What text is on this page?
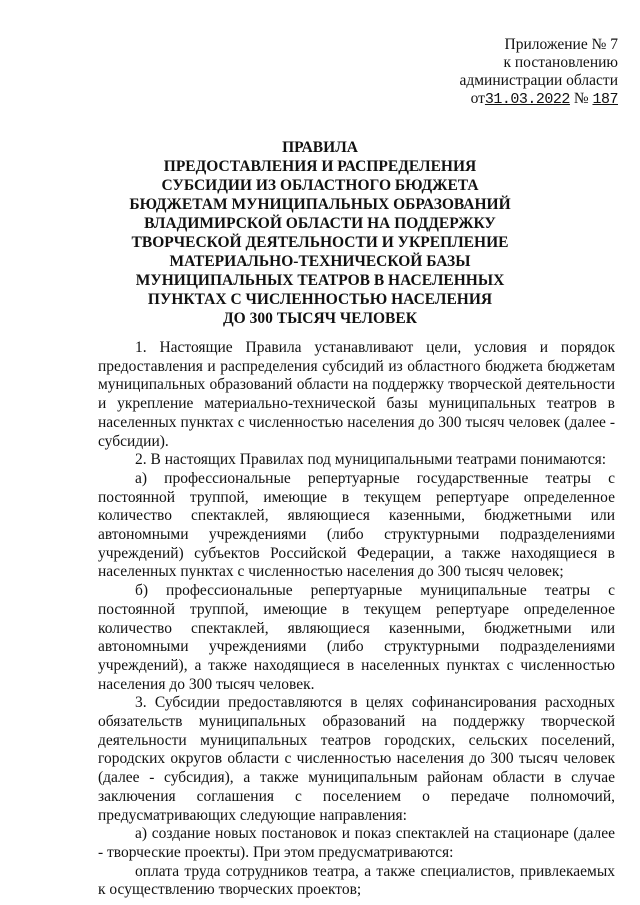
Приложение № 7
к постановлению
администрации области
от31.03.2022 № 187
ПРАВИЛА
ПРЕДОСТАВЛЕНИЯ И РАСПРЕДЕЛЕНИЯ
СУБСИДИИ ИЗ ОБЛАСТНОГО БЮДЖЕТА
БЮДЖЕТАМ МУНИЦИПАЛЬНЫХ ОБРАЗОВАНИЙ
ВЛАДИМИРСКОЙ ОБЛАСТИ НА ПОДДЕРЖКУ
ТВОРЧЕСКОЙ ДЕЯТЕЛЬНОСТИ И УКРЕПЛЕНИЕ
МАТЕРИАЛЬНО-ТЕХНИЧЕСКОЙ БАЗЫ
МУНИЦИПАЛЬНЫХ ТЕАТРОВ В НАСЕЛЕННЫХ
ПУНКТАХ С ЧИСЛЕННОСТЬЮ НАСЕЛЕНИЯ
ДО 300 ТЫСЯЧ ЧЕЛОВЕК

1. Настоящие Правила устанавливают цели, условия и порядок предоставления и распределения субсидий из областного бюджета бюджетам муниципальных образований области на поддержку творческой деятельности и укрепление материально-технической базы муниципальных театров в населенных пунктах с численностью населения до 300 тысяч человек (далее - субсидии).

2. В настоящих Правилах под муниципальными театрами понимаются:

а) профессиональные репертуарные государственные театры с постоянной труппой, имеющие в текущем репертуаре определенное количество спектаклей, являющиеся казенными, бюджетными или автономными учреждениями (либо структурными подразделениями учреждений) субъектов Российской Федерации, а также находящиеся в населенных пунктах с численностью населения до 300 тысяч человек;

б) профессиональные репертуарные муниципальные театры с постоянной труппой, имеющие в текущем репертуаре определенное количество спектаклей, являющиеся казенными, бюджетными или автономными учреждениями (либо структурными подразделениями учреждений), а также находящиеся в населенных пунктах с численностью населения до 300 тысяч человек.

3. Субсидии предоставляются в целях софинансирования расходных обязательств муниципальных образований на поддержку творческой деятельности муниципальных театров городских, сельских поселений, городских округов области с численностью населения до 300 тысяч человек (далее - субсидия), а также муниципальным районам области в случае заключения соглашения с поселением о передаче полномочий, предусматривающих следующие направления:

а) создание новых постановок и показ спектаклей на стационаре (далее - творческие проекты). При этом предусматриваются:

оплата труда сотрудников театра, а также специалистов, привлекаемых к осуществлению творческих проектов;
